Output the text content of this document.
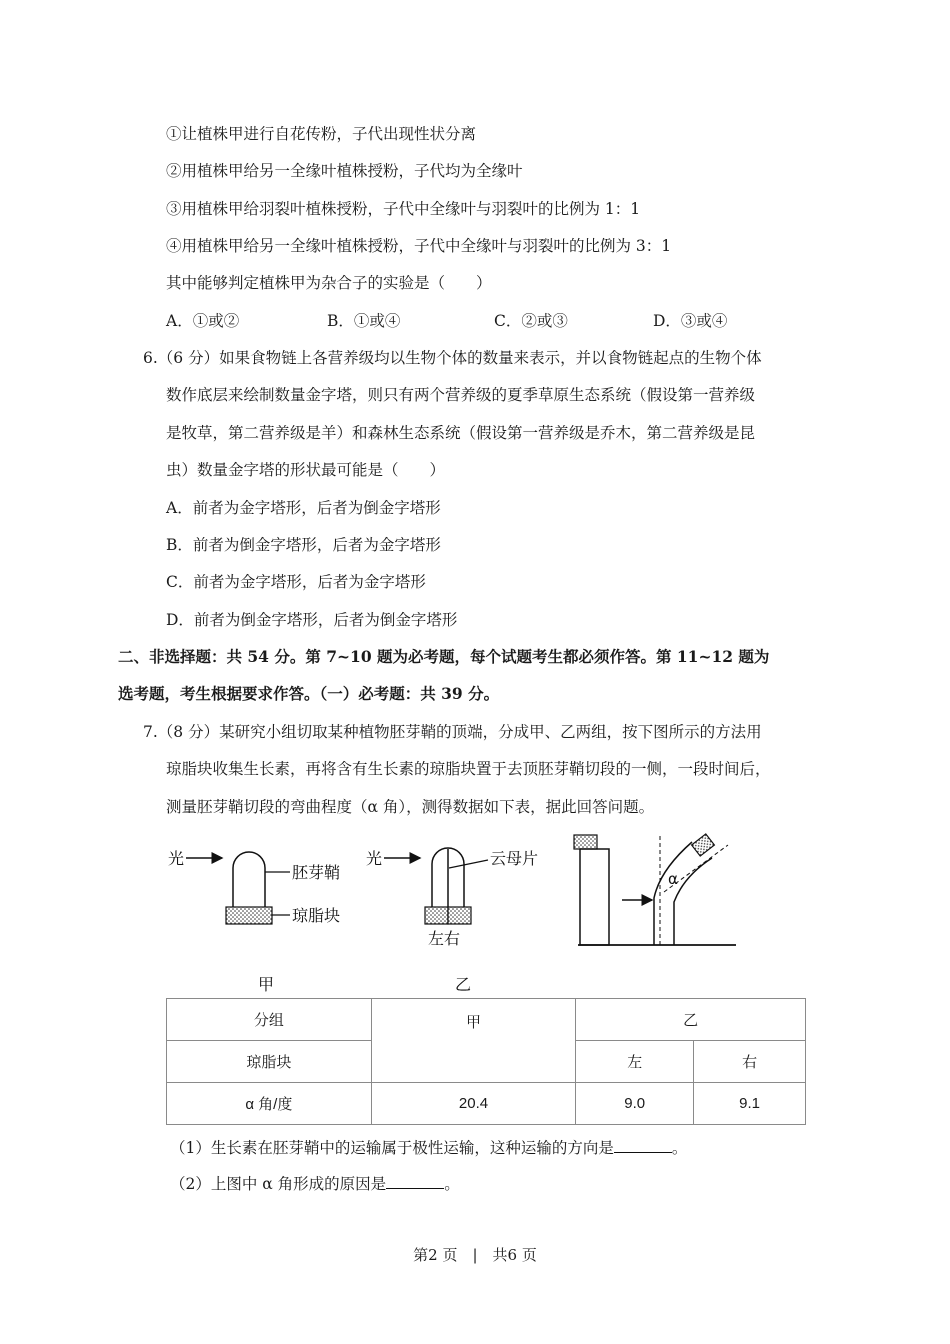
①让植株甲进行自花传粉，子代出现性状分离
②用植株甲给另一全缘叶植株授粉，子代均为全缘叶
③用植株甲给羽裂叶植株授粉，子代中全缘叶与羽裂叶的比例为 1：1
④用植株甲给另一全缘叶植株授粉，子代中全缘叶与羽裂叶的比例为 3：1
其中能够判定植株甲为杂合子的实验是（　　）
A．①或②	B．①或④	C．②或③	D．③或④
6.（6 分）如果食物链上各营养级均以生物个体的数量来表示，并以食物链起点的生物个体
数作底层来绘制数量金字塔，则只有两个营养级的夏季草原生态系统（假设第一营养级
是牧草，第二营养级是羊）和森林生态系统（假设第一营养级是乔木，第二营养级是昆
虫）数量金字塔的形状最可能是（　　）
A．前者为金字塔形，后者为倒金字塔形
B．前者为倒金字塔形，后者为金字塔形
C．前者为金字塔形，后者为金字塔形
D．前者为倒金字塔形，后者为倒金字塔形
二、非选择题：共 54 分。第 7~10 题为必考题，每个试题考生都必须作答。第 11~12 题为
选考题，考生根据要求作答。（一）必考题：共 39 分。
7.（8 分）某研究小组切取某种植物胚芽鞘的顶端，分成甲、乙两组，按下图所示的方法用
琼脂块收集生长素，再将含有生长素的琼脂块置于去顶胚芽鞘切段的一侧，一段时间后，
测量胚芽鞘切段的弯曲程度（α 角），测得数据如下表，据此回答问题。
光
胚芽鞘
琼脂块
光	云母片
左右
α
甲	乙
分组	甲	乙	
琼脂块		左	右
α 角/度	20.4	9.0	9.1
（1）生长素在胚芽鞘中的运输属于极性运输，这种运输的方向是	。
（2）上图中 α 角形成的原因是	。
第2 页　|　共6 页
